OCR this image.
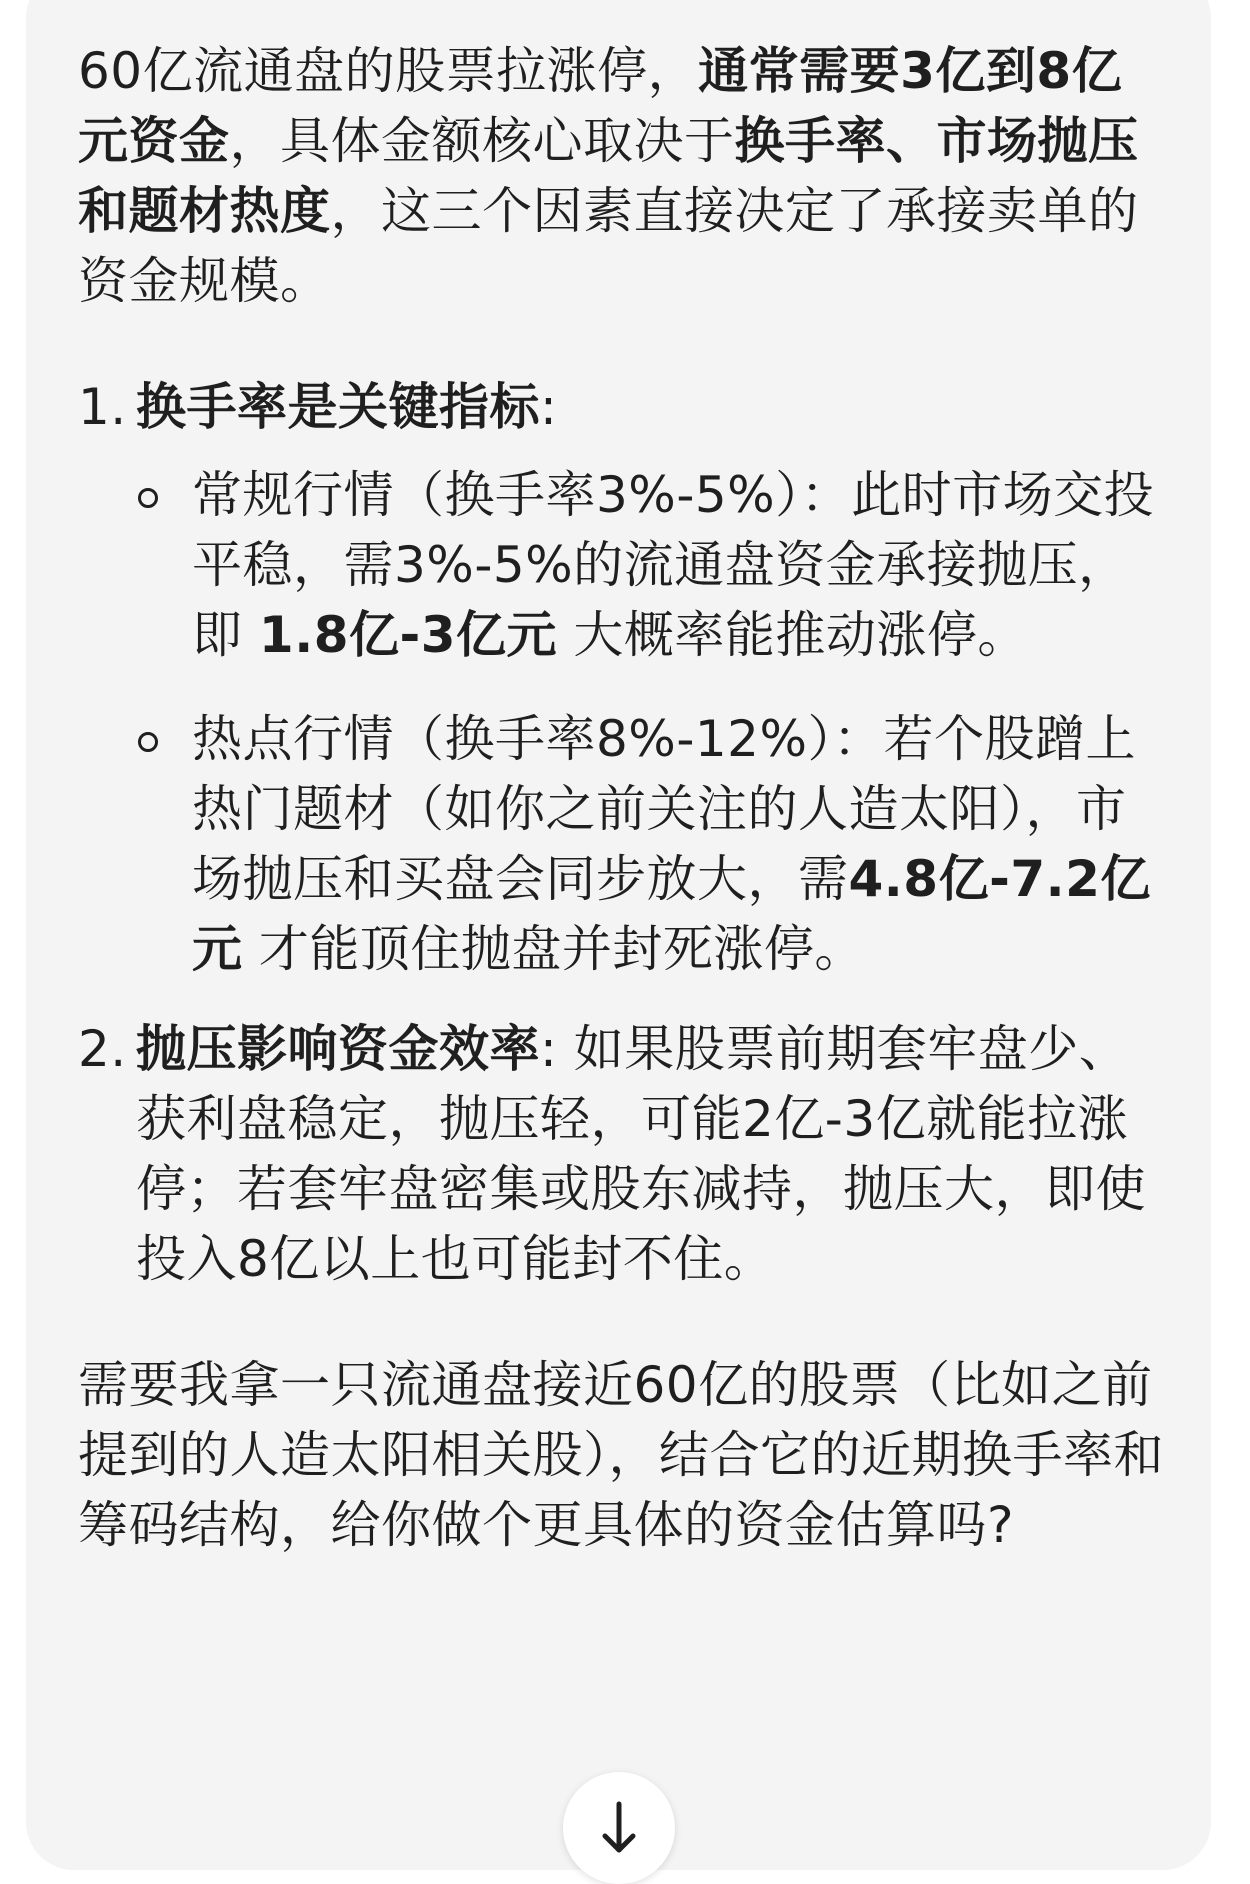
60亿流通盘的股票拉涨停，通常需要3亿到8亿元资金，具体金额核心取决于换手率、市场抛压和题材热度，这三个因素直接决定了承接卖单的资金规模。

1. 换手率是关键指标:

常规行情（换手率3%-5%）：此时市场交投平稳，需3%-5%的流通盘资金承接抛压，即 1.8亿-3亿元 大概率能推动涨停。

热点行情（换手率8%-12%）：若个股蹭上热门题材（如你之前关注的人造太阳），市场抛压和买盘会同步放大，需4.8亿-7.2亿元 才能顶住抛盘并封死涨停。

2. 抛压影响资金效率: 如果股票前期套牢盘少、获利盘稳定，抛压轻，可能2亿-3亿就能拉涨停；若套牢盘密集或股东减持，抛压大，即使投入8亿以上也可能封不住。

需要我拿一只流通盘接近60亿的股票（比如之前提到的人造太阳相关股），结合它的近期换手率和筹码结构，给你做个更具体的资金估算吗?
